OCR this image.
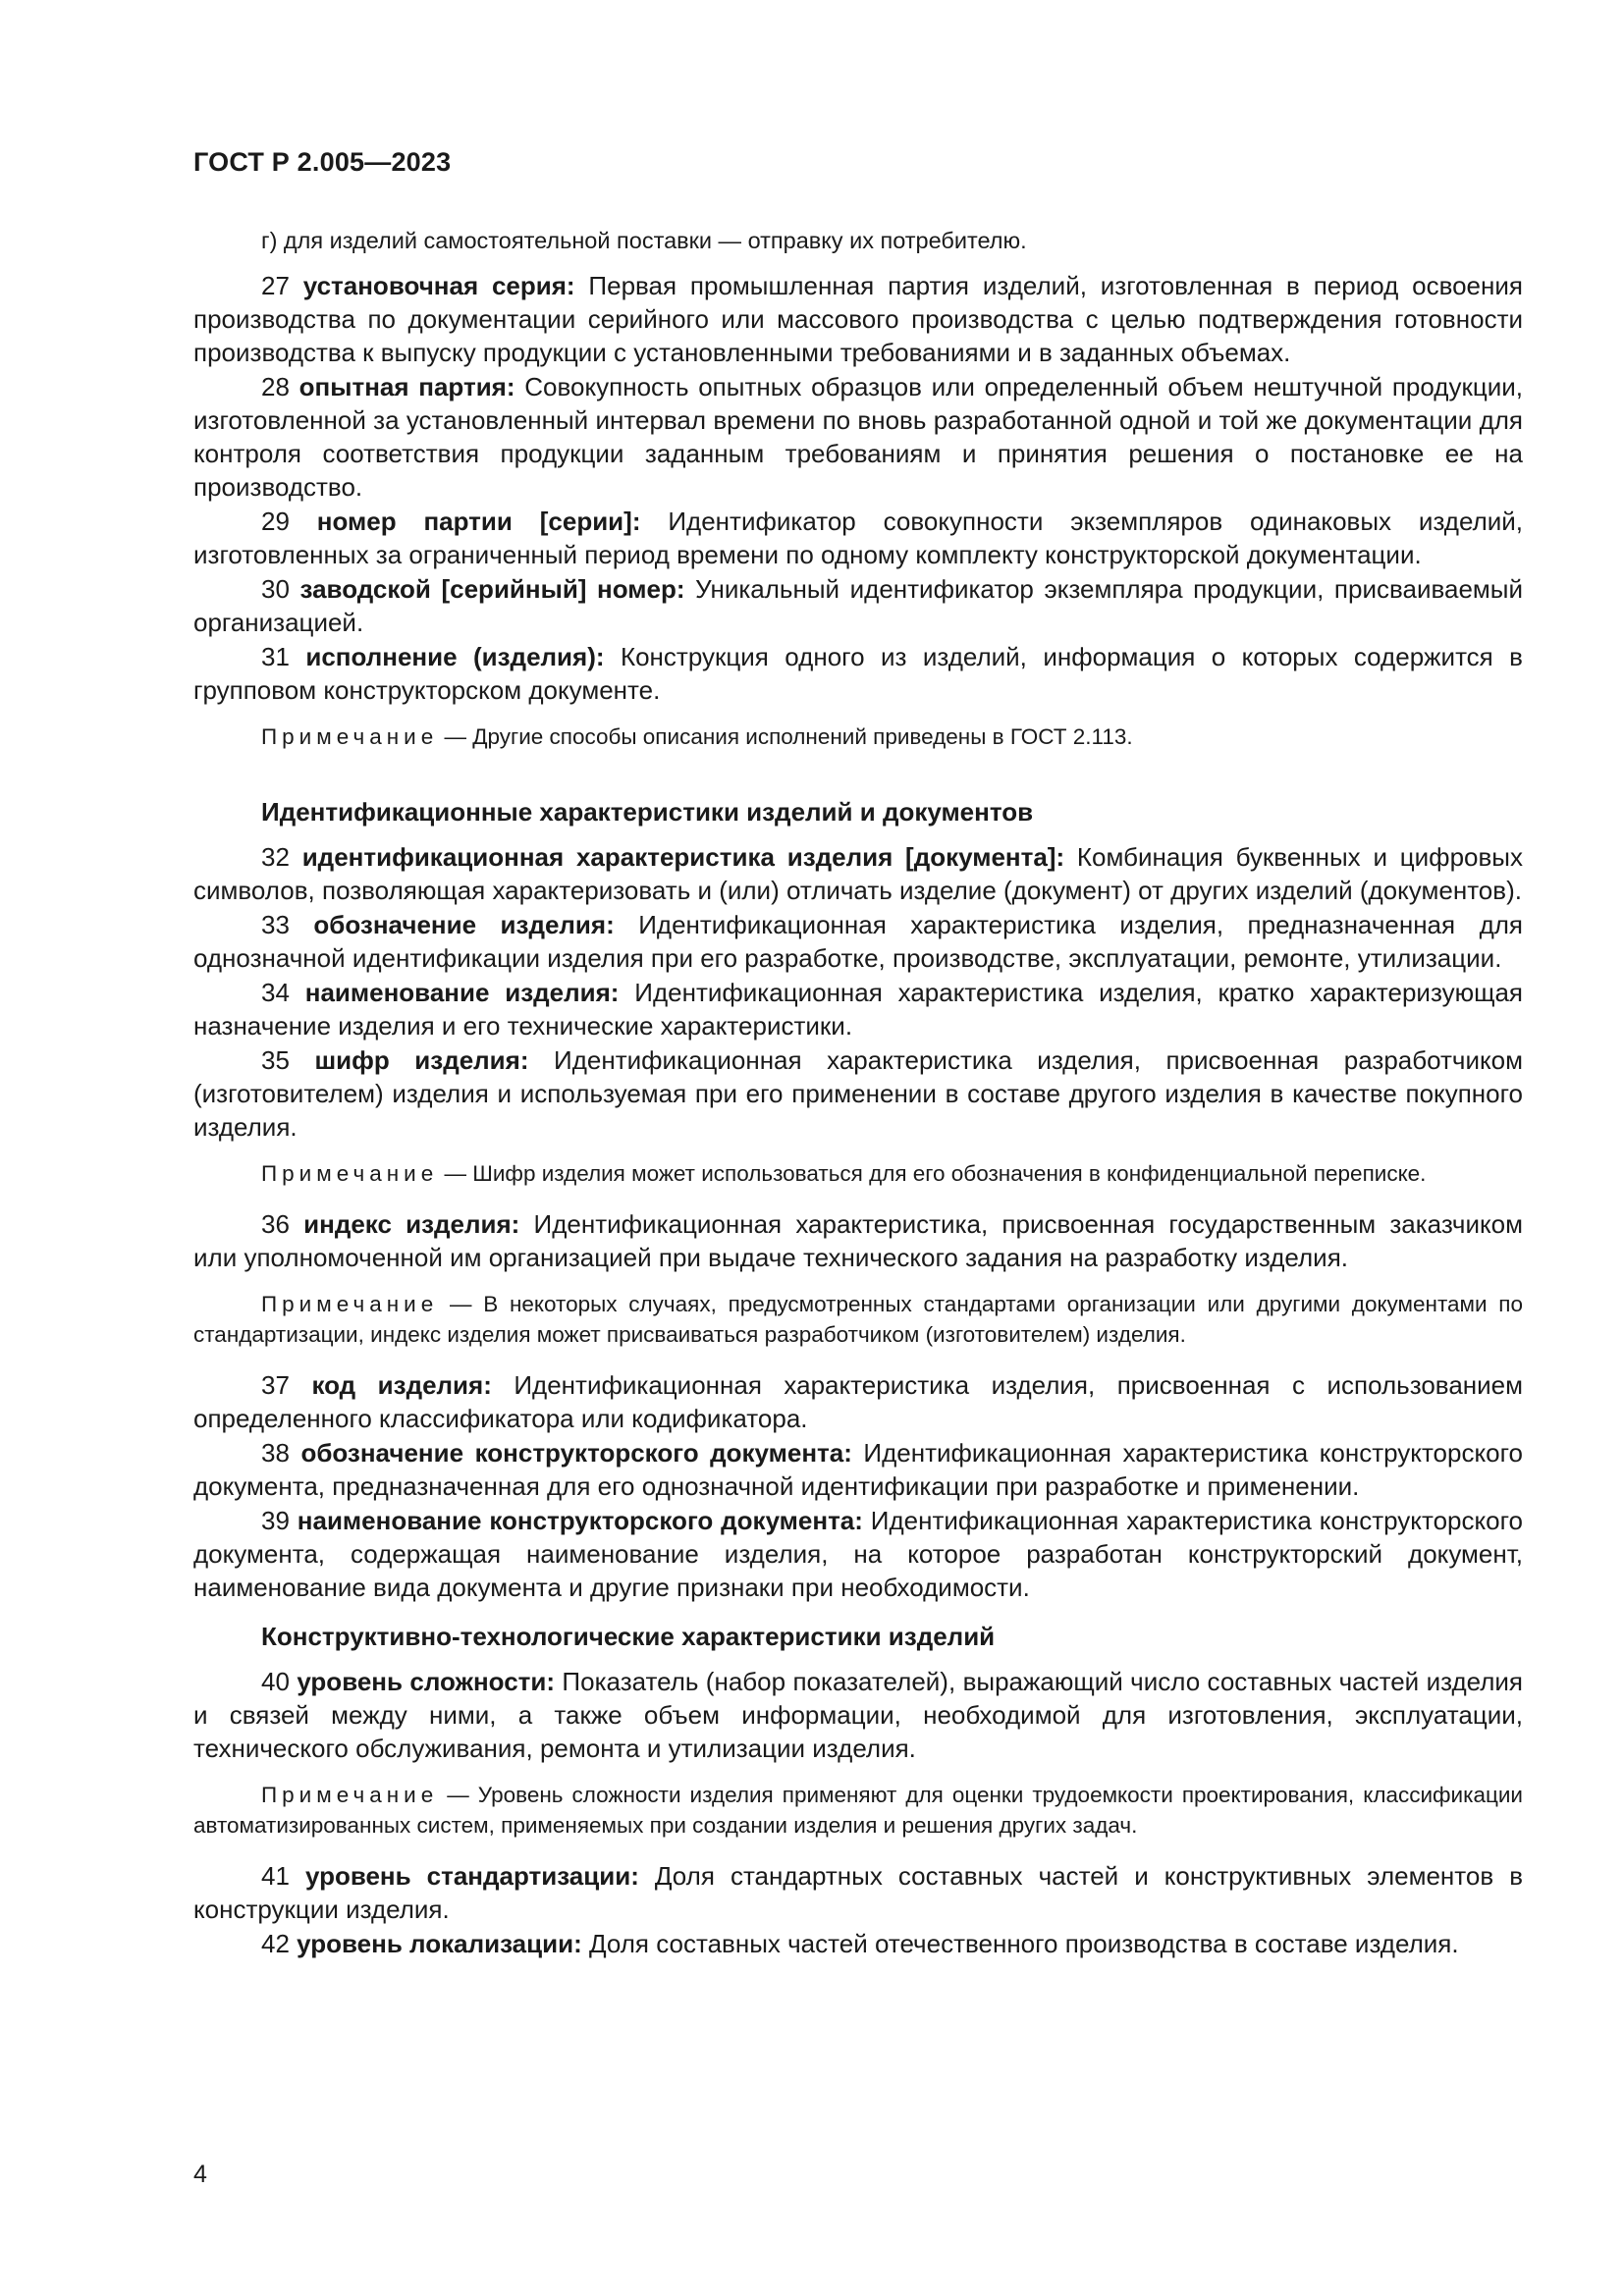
ГОСТ Р 2.005—2023

г) для изделий самостоятельной поставки — отправку их потребителю.

27 установочная серия: Первая промышленная партия изделий, изготовленная в период освоения производства по документации серийного или массового производства с целью подтверждения готовности производства к выпуску продукции с установленными требованиями и в заданных объемах.

28 опытная партия: Совокупность опытных образцов или определенный объем нештучной продукции, изготовленной за установленный интервал времени по вновь разработанной одной и той же документации для контроля соответствия продукции заданным требованиям и принятия решения о постановке ее на производство.

29 номер партии [серии]: Идентификатор совокупности экземпляров одинаковых изделий, изготовленных за ограниченный период времени по одному комплекту конструкторской документации.

30 заводской [серийный] номер: Уникальный идентификатор экземпляра продукции, присваиваемый организацией.

31 исполнение (изделия): Конструкция одного из изделий, информация о которых содержится в групповом конструкторском документе.

Примечание — Другие способы описания исполнений приведены в ГОСТ 2.113.

Идентификационные характеристики изделий и документов

32 идентификационная характеристика изделия [документа]: Комбинация буквенных и цифровых символов, позволяющая характеризовать и (или) отличать изделие (документ) от других изделий (документов).

33 обозначение изделия: Идентификационная характеристика изделия, предназначенная для однозначной идентификации изделия при его разработке, производстве, эксплуатации, ремонте, утилизации.

34 наименование изделия: Идентификационная характеристика изделия, кратко характеризующая назначение изделия и его технические характеристики.

35 шифр изделия: Идентификационная характеристика изделия, присвоенная разработчиком (изготовителем) изделия и используемая при его применении в составе другого изделия в качестве покупного изделия.

Примечание — Шифр изделия может использоваться для его обозначения в конфиденциальной переписке.

36 индекс изделия: Идентификационная характеристика, присвоенная государственным заказчиком или уполномоченной им организацией при выдаче технического задания на разработку изделия.

Примечание — В некоторых случаях, предусмотренных стандартами организации или другими документами по стандартизации, индекс изделия может присваиваться разработчиком (изготовителем) изделия.

37 код изделия: Идентификационная характеристика изделия, присвоенная с использованием определенного классификатора или кодификатора.

38 обозначение конструкторского документа: Идентификационная характеристика конструкторского документа, предназначенная для его однозначной идентификации при разработке и применении.

39 наименование конструкторского документа: Идентификационная характеристика конструкторского документа, содержащая наименование изделия, на которое разработан конструкторский документ, наименование вида документа и другие признаки при необходимости.

Конструктивно-технологические характеристики изделий

40 уровень сложности: Показатель (набор показателей), выражающий число составных частей изделия и связей между ними, а также объем информации, необходимой для изготовления, эксплуатации, технического обслуживания, ремонта и утилизации изделия.

Примечание — Уровень сложности изделия применяют для оценки трудоемкости проектирования, классификации автоматизированных систем, применяемых при создании изделия и решения других задач.

41 уровень стандартизации: Доля стандартных составных частей и конструктивных элементов в конструкции изделия.

42 уровень локализации: Доля составных частей отечественного производства в составе изделия.

4
